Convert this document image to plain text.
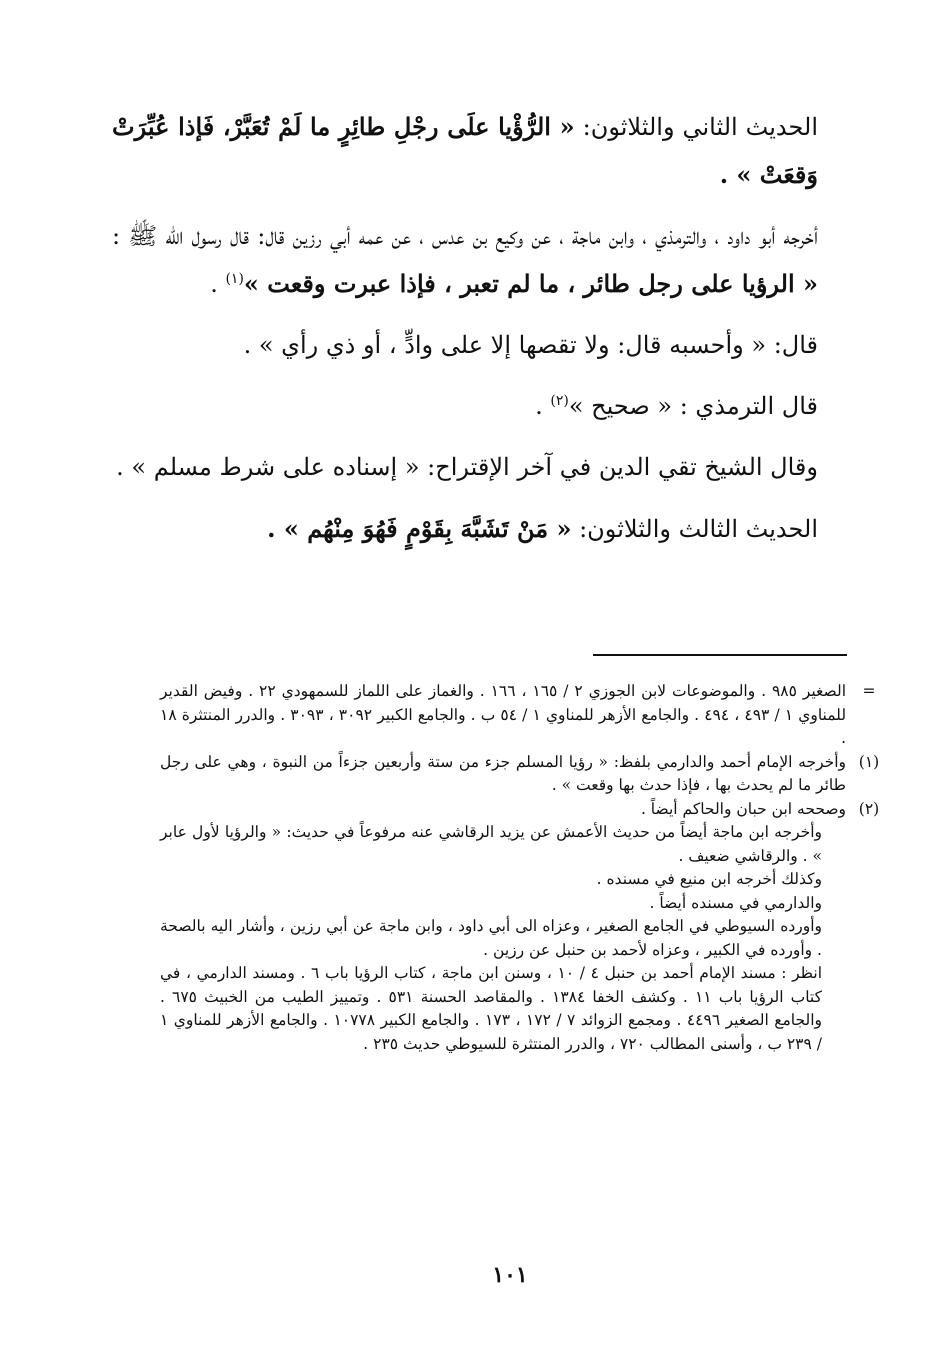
الحديث الثاني والثلاثون: « الرُّؤْيا علَى رجْلِ طائِرٍ ما لَمْ تُعَبَّرْ، فَإذا عُبِّرَتْ وَقعَتْ » .

أخرجه أبو داود ، والترمذي ، وابن ماجة ، عن وكيع بن عدس ، عن عمه أبي رزين قال: قال رسول الله ﷺ : « الرؤيا على رجل طائر ، ما لم تعبر ، فإذا عبرت وقعت »$^{(١)}$ .

قال: « وأحسبه قال: ولا تقصها إلا على وادٍّ ، أو ذي رأي » .

قال الترمذي : « صحيح »$^{(٢)}$ .

وقال الشيخ تقي الدين في آخر الإقتراح: « إسناده على شرط مسلم » .

الحديث الثالث والثلاثون: « مَنْ تَشَبَّهَ بِقَوْمٍ فَهُوَ مِنْهُم » .

=
الصغير ٩٨٥ . والموضوعات لابن الجوزي ٢ / ١٦٥ ، ١٦٦ . والغماز على اللماز للسمهودي ٢٢ . وفيض القدير للمناوي ١ / ٤٩٣ ، ٤٩٤ . والجامع الأزهر للمناوي ١ / ٥٤ ب . والجامع الكبير ٣٠٩٢ ، ٣٠٩٣ . والدرر المنتثرة ١٨ .
(١)
وأخرجه الإمام أحمد والدارمي بلفظ: « رؤيا المسلم جزء من ستة وأربعين جزءاً من النبوة ، وهي على رجل طائر ما لم يحدث بها ، فإذا حدث بها وقعت » .
(٢)
وصححه ابن حبان والحاكم أيضاً .
وأخرجه ابن ماجة أيضاً من حديث الأعمش عن يزيد الرقاشي عنه مرفوعاً في حديث: « والرؤيا لأول عابر » . والرقاشي ضعيف .
وكذلك أخرجه ابن منيع في مسنده .
والدارمي في مسنده أيضاً .
وأورده السيوطي في الجامع الصغير ، وعزاه الى أبي داود ، وابن ماجة عن أبي رزين ، وأشار اليه بالصحة . وأورده في الكبير ، وعزاه لأحمد بن حنبل عن رزين .
انظر : مسند الإمام أحمد بن حنبل ٤ / ١٠ ، وسنن ابن ماجة ، كتاب الرؤيا باب ٦ . ومسند الدارمي ، في كتاب الرؤيا باب ١١ . وكشف الخفا ١٣٨٤ . والمقاصد الحسنة ٥٣١ . وتمييز الطيب من الخبيث ٦٧٥ . والجامع الصغير ٤٤٩٦ . ومجمع الزوائد ٧ / ١٧٢ ، ١٧٣ . والجامع الكبير ١٠٧٧٨ . والجامع الأزهر للمناوي ١ / ٢٣٩ ب ، وأسنى المطالب ٧٢٠ ، والدرر المنتثرة للسيوطي حديث ٢٣٥ .
١٠١
